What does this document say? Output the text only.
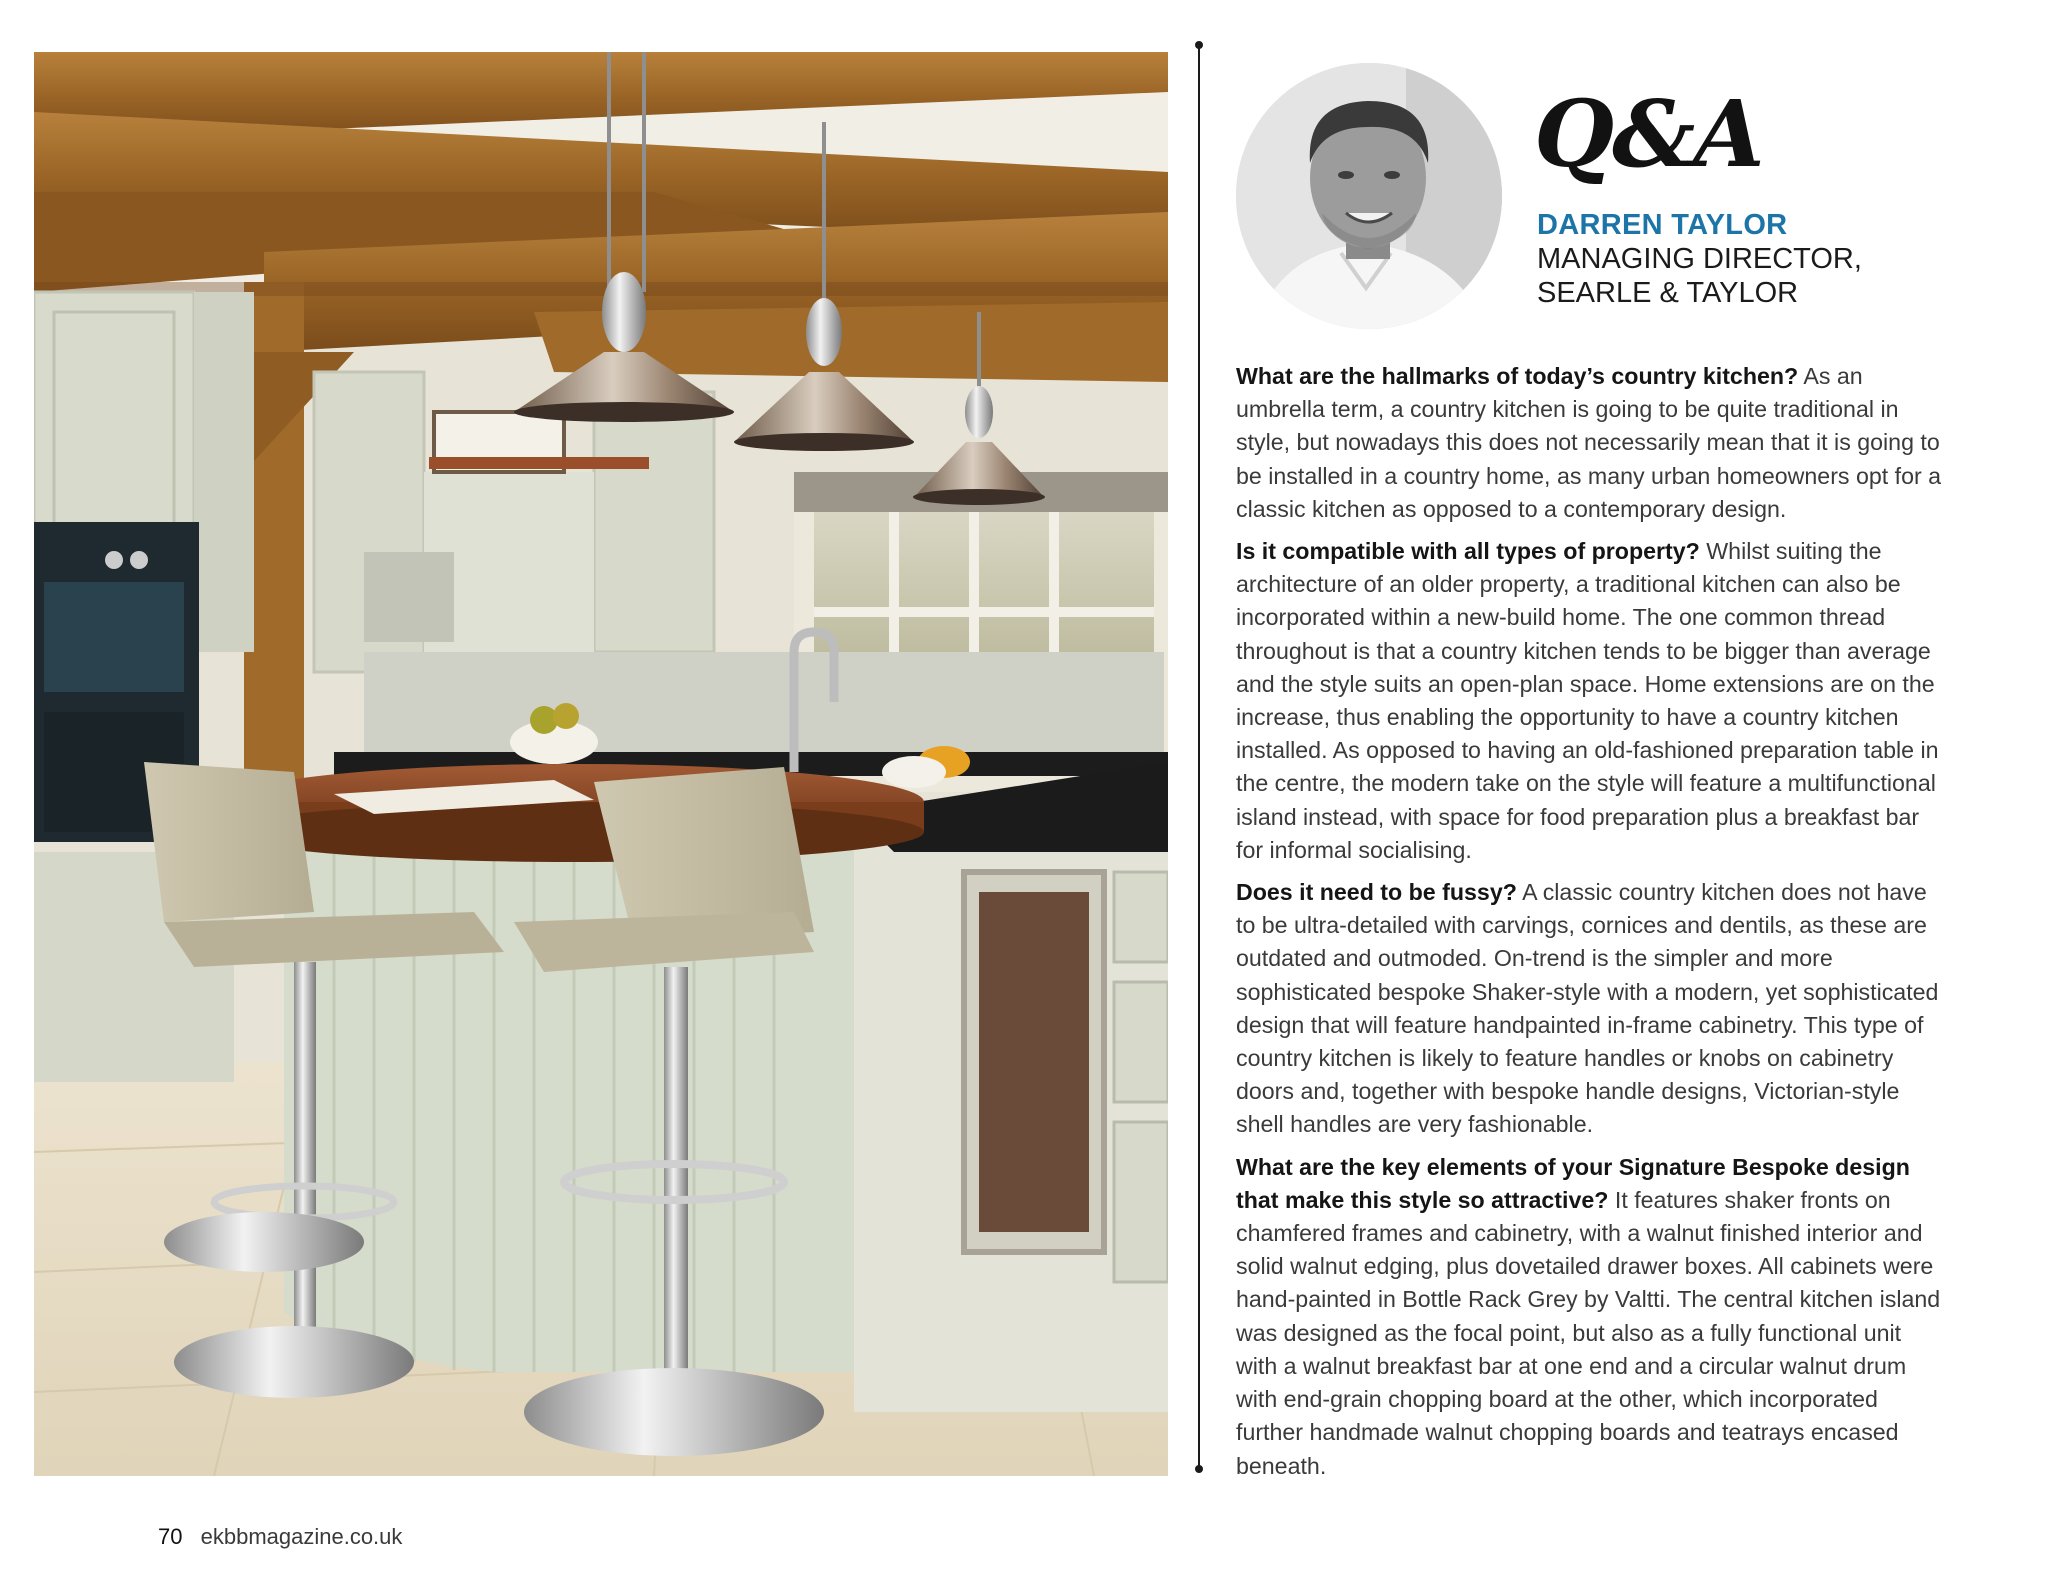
Q&A
DARREN TAYLOR
MANAGING DIRECTOR,
SEARLE & TAYLOR

What are the hallmarks of today’s country kitchen? As an umbrella term, a country kitchen is going to be quite traditional in style, but nowadays this does not necessarily mean that it is going to be installed in a country home, as many urban homeowners opt for a classic kitchen as opposed to a contemporary design.

Is it compatible with all types of property? Whilst suiting the architecture of an older property, a traditional kitchen can also be incorporated within a new-build home. The one common thread throughout is that a country kitchen tends to be bigger than average and the style suits an open-plan space. Home extensions are on the increase, thus enabling the opportunity to have a country kitchen installed. As opposed to having an old-fashioned preparation table in the centre, the modern take on the style will feature a multifunctional island instead, with space for food preparation plus a breakfast bar for informal socialising.

Does it need to be fussy? A classic country kitchen does not have to be ultra-detailed with carvings, cornices and dentils, as these are outdated and outmoded. On-trend is the simpler and more sophisticated bespoke Shaker-style with a modern, yet sophisticated design that will feature handpainted in-frame cabinetry. This type of country kitchen is likely to feature handles or knobs on cabinetry doors and, together with bespoke handle designs, Victorian-style shell handles are very fashionable.

What are the key elements of your Signature Bespoke design that make this style so attractive? It features shaker fronts on chamfered frames and cabinetry, with a walnut finished interior and solid walnut edging, plus dovetailed drawer boxes. All cabinets were hand-painted in Bottle Rack Grey by Valtti. The central kitchen island was designed as the focal point, but also as a fully functional unit with a walnut breakfast bar at one end and a circular walnut drum with end-grain chopping board at the other, which incorporated further handmade walnut chopping boards and teatrays encased beneath.

70 ekbbmagazine.co.uk
